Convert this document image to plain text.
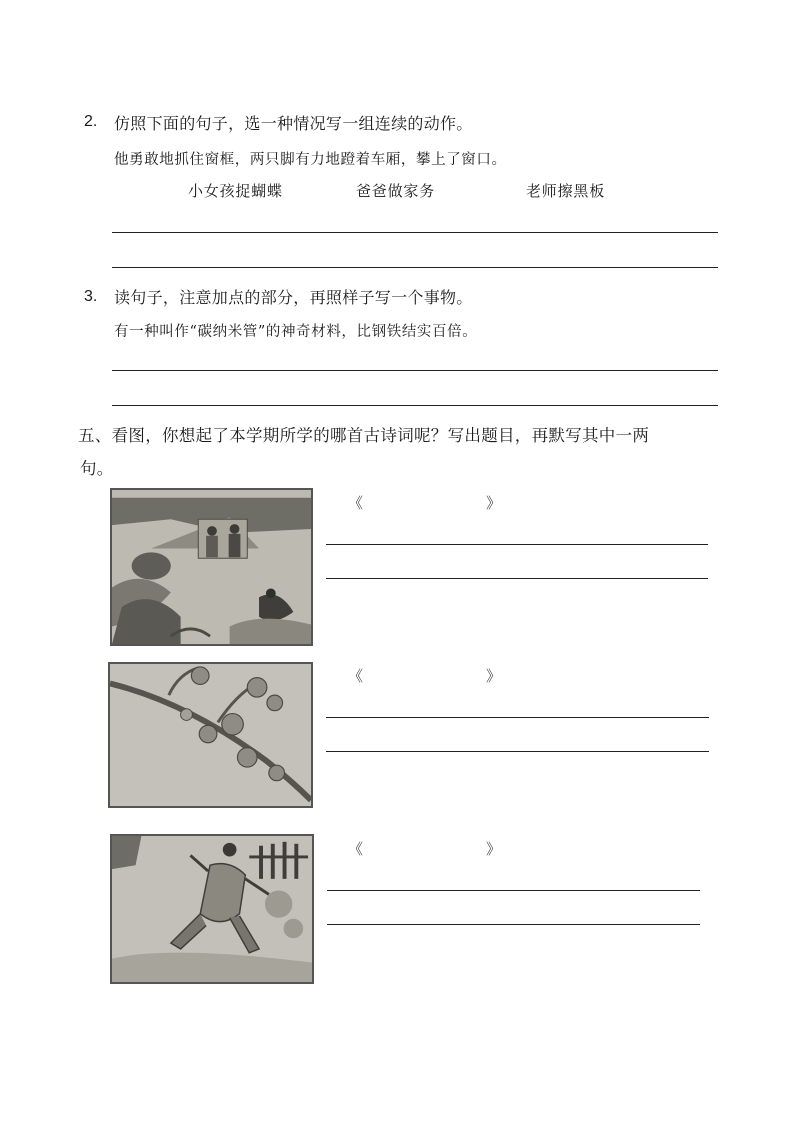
2. 仿照下面的句子，选一种情况写一组连续的动作。
他勇敢地抓住窗框，两只脚有力地蹬着车厢，攀上了窗口。
小女孩捉蝴蝶	爸爸做家务	老师擦黑板
3. 读句子，注意加点的部分，再照样子写一个事物。
有一种叫作“碳纳米管”的神奇材料，比钢铁结实百倍。
五、看图，你想起了本学期所学的哪首古诗词呢？写出题目，再默写其中一两
句。
《	》
《	》
《	》
